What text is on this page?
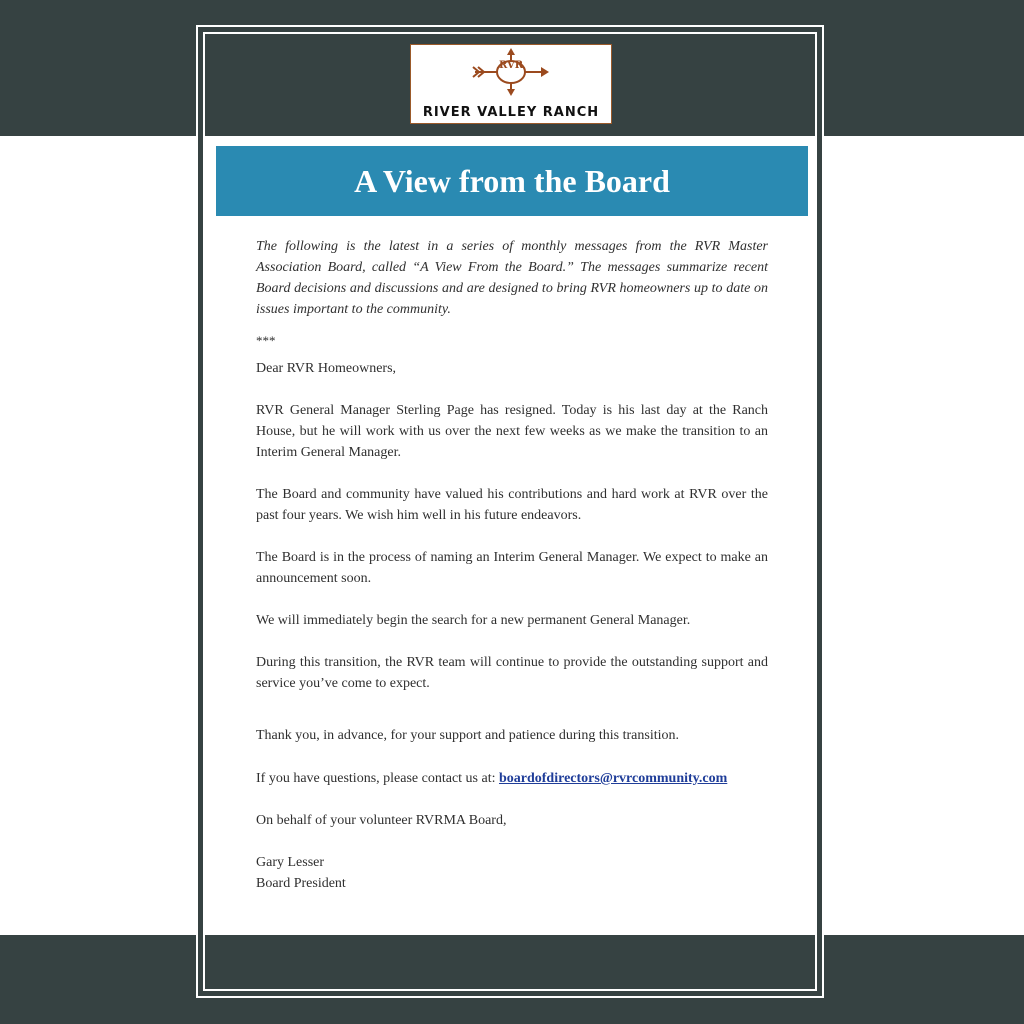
RVR
RIVER VALLEY RANCH
A View from the Board

The following is the latest in a series of monthly messages from the RVR Master Association Board, called “A View From the Board.” The messages summarize recent Board decisions and discussions and are designed to bring RVR homeowners up to date on issues important to the community.

***

Dear RVR Homeowners,

RVR General Manager Sterling Page has resigned. Today is his last day at the Ranch House, but he will work with us over the next few weeks as we make the transition to an Interim General Manager.

The Board and community have valued his contributions and hard work at RVR over the past four years. We wish him well in his future endeavors.

The Board is in the process of naming an Interim General Manager. We expect to make an announcement soon.

We will immediately begin the search for a new permanent General Manager.

During this transition, the RVR team will continue to provide the outstanding support and service you’ve come to expect.

Thank you, in advance, for your support and patience during this transition.

If you have questions, please contact us at: boardofdirectors@rvrcommunity.com

On behalf of your volunteer RVRMA Board,

Gary Lesser

Board President
